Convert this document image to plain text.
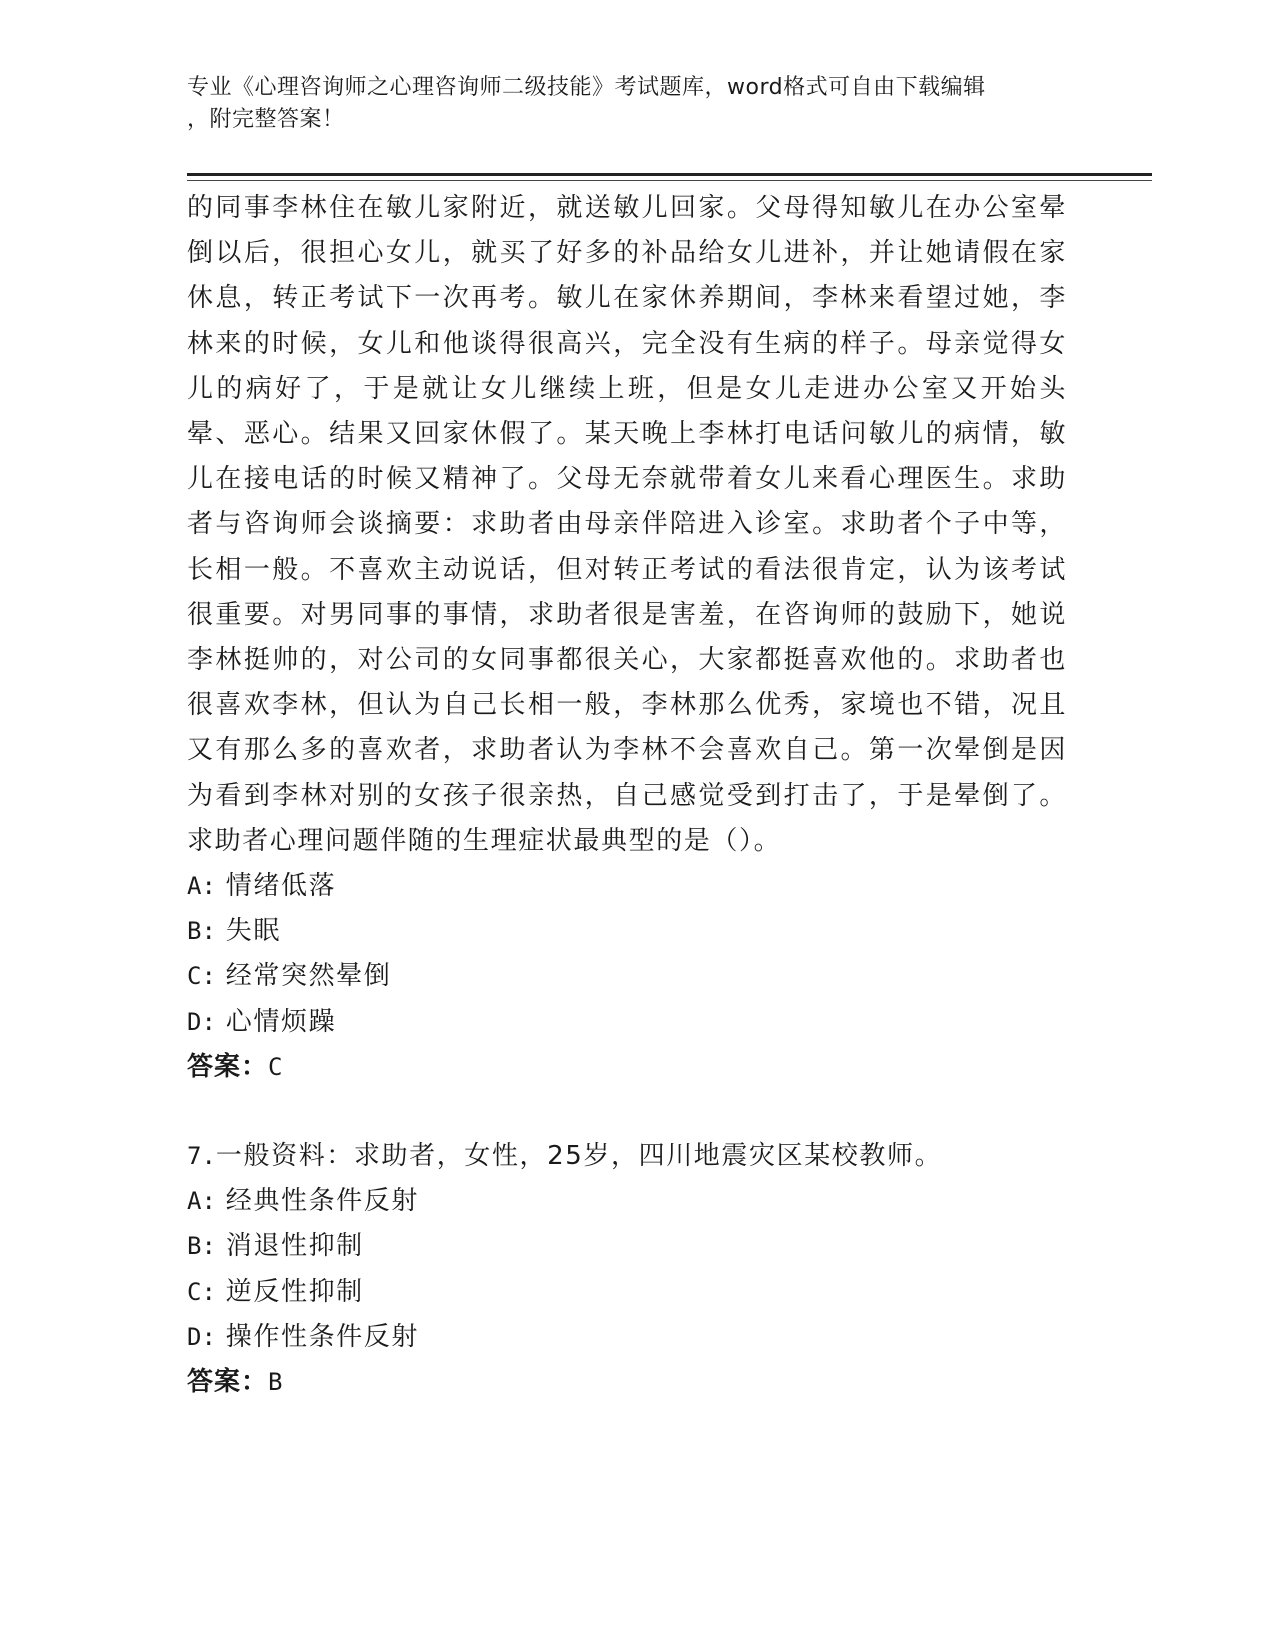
专业《心理咨询师之心理咨询师二级技能》考试题库，word格式可自由下载编辑
，附完整答案！

的同事李林住在敏儿家附近，就送敏儿回家。父母得知敏儿在办公室晕倒以后，很担心女儿，就买了好多的补品给女儿进补，并让她请假在家休息，转正考试下一次再考。敏儿在家休养期间，李林来看望过她，李林来的时候，女儿和他谈得很高兴，完全没有生病的样子。母亲觉得女儿的病好了，于是就让女儿继续上班，但是女儿走进办公室又开始头晕、恶心。结果又回家休假了。某天晚上李林打电话问敏儿的病情，敏儿在接电话的时候又精神了。父母无奈就带着女儿来看心理医生。求助者与咨询师会谈摘要：求助者由母亲伴陪进入诊室。求助者个子中等，长相一般。不喜欢主动说话，但对转正考试的看法很肯定，认为该考试很重要。对男同事的事情，求助者很是害羞，在咨询师的鼓励下，她说李林挺帅的，对公司的女同事都很关心，大家都挺喜欢他的。求助者也很喜欢李林，但认为自己长相一般，李林那么优秀，家境也不错，况且又有那么多的喜欢者，求助者认为李林不会喜欢自己。第一次晕倒是因为看到李林对别的女孩子很亲热，自己感觉受到打击了，于是晕倒了。求助者心理问题伴随的生理症状最典型的是（）。

A: 情绪低落

B: 失眠

C: 经常突然晕倒

D: 心情烦躁

答案：C

7.一般资料：求助者，女性，25岁，四川地震灾区某校教师。

A: 经典性条件反射

B: 消退性抑制

C: 逆反性抑制

D: 操作性条件反射

答案：B
